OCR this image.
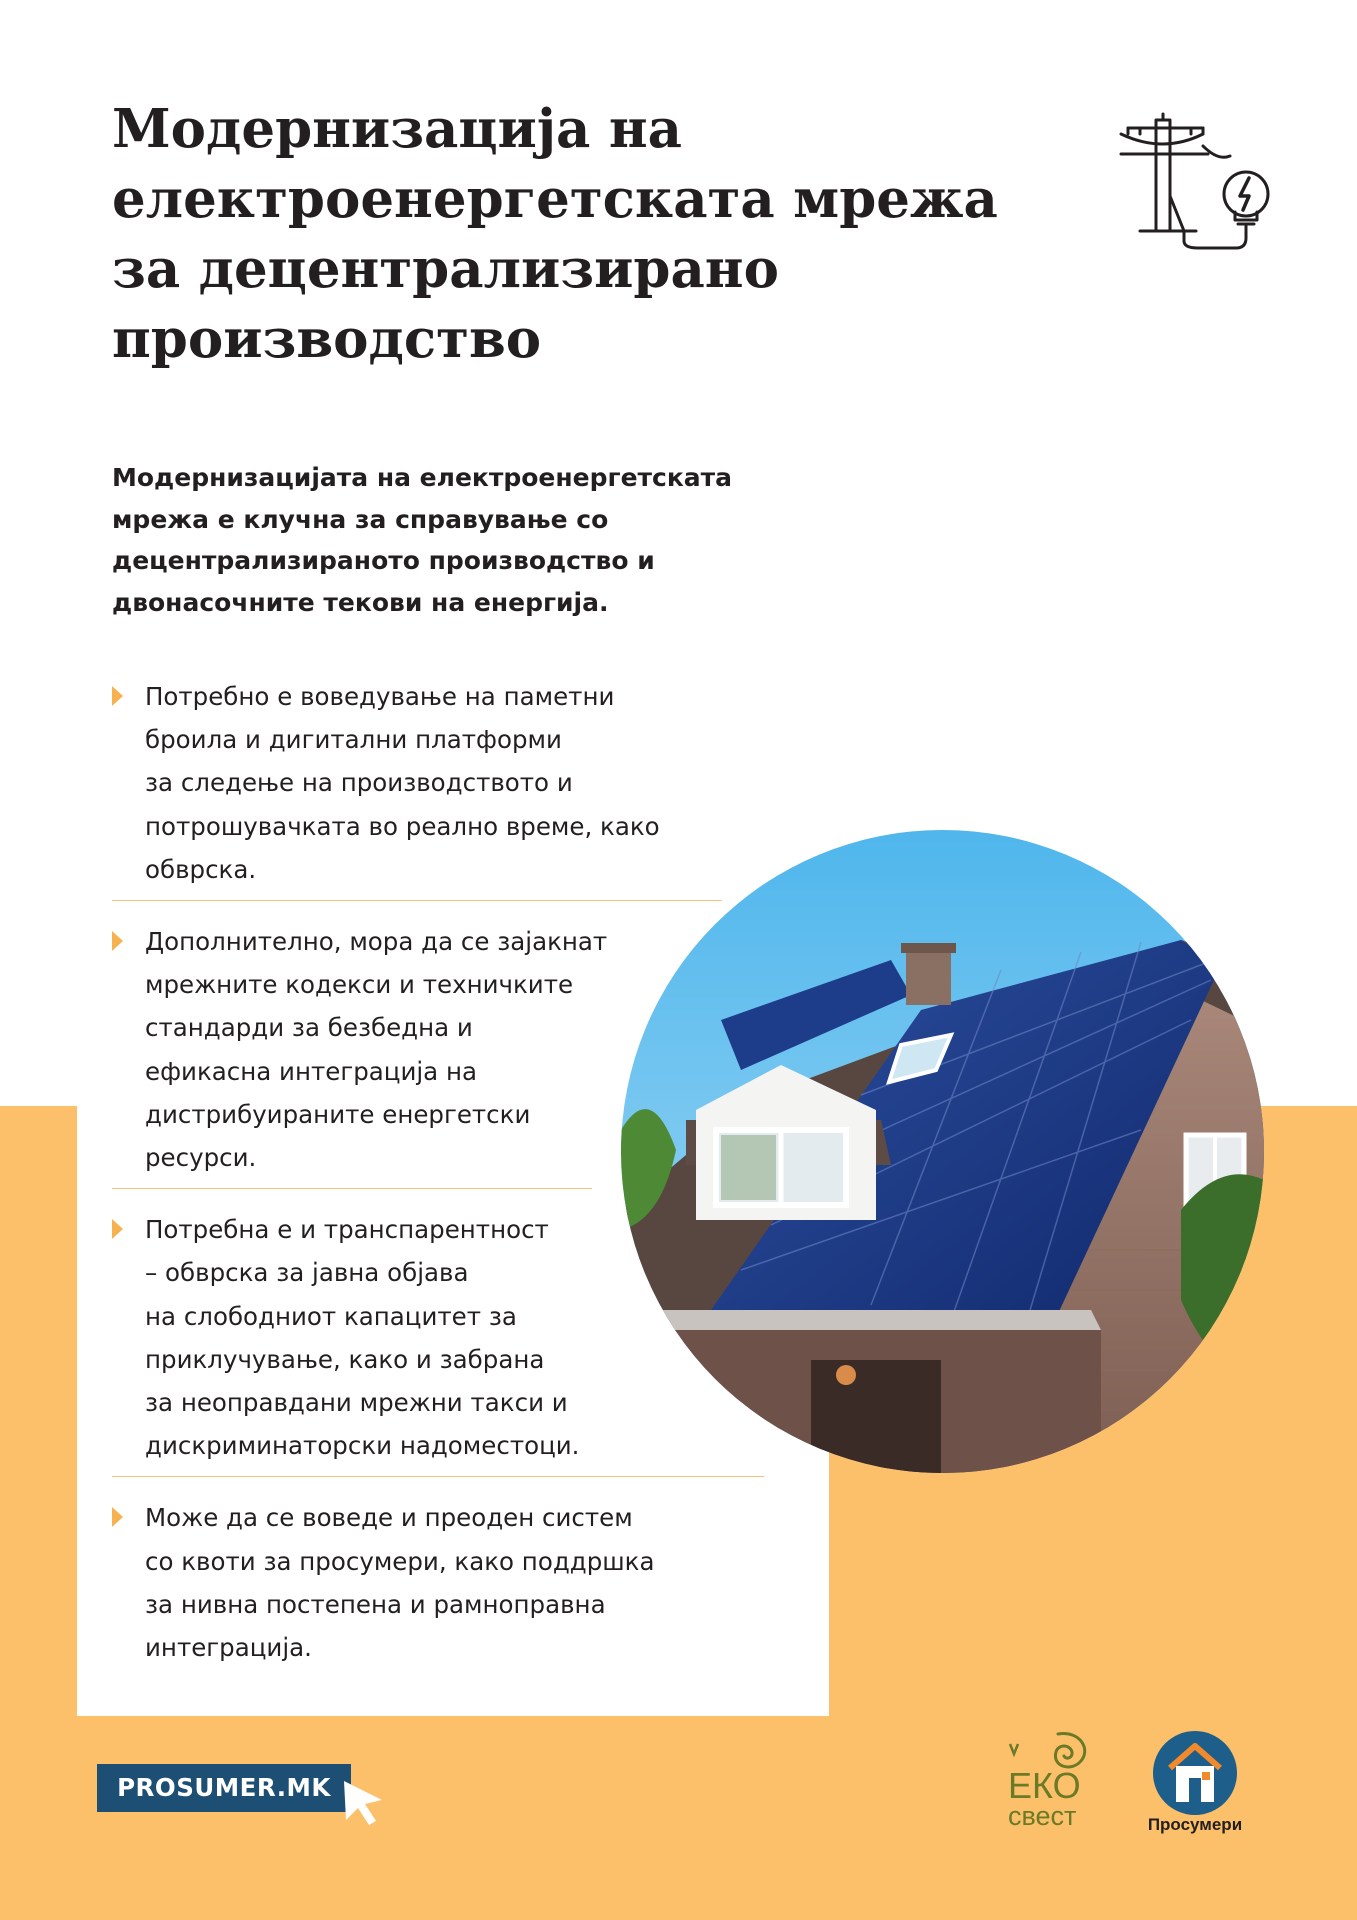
Модернизација на
електроенергетската мрежа
за децентрализирано
производство

Модернизацијата на електроенергетската
мрежа е клучна за справување со
децентрализираното производство и
двонасочните текови на енергија.

Потребно е воведување на паметни
броила и дигитални платформи
за следење на производството и
потрошувачката во реално време, како
обврска.
Дополнително, мора да се зајакнат
мрежните кодекси и техничките
стандарди за безбедна и
ефикасна интеграција на
дистрибуираните енергетски
ресурси.
Потребна е и транспарентност
– обврска за јавна објава
на слободниот капацитет за
приклучување, како и забрана
за неоправдани мрежни такси и
дискриминаторски надоместоци.
Може да се воведе и преоден систем
со квоти за просумери, како поддршка
за нивна постепена и рамноправна
интеграција.
PROSUMER.MK	ЕКО
свест	Просумери
